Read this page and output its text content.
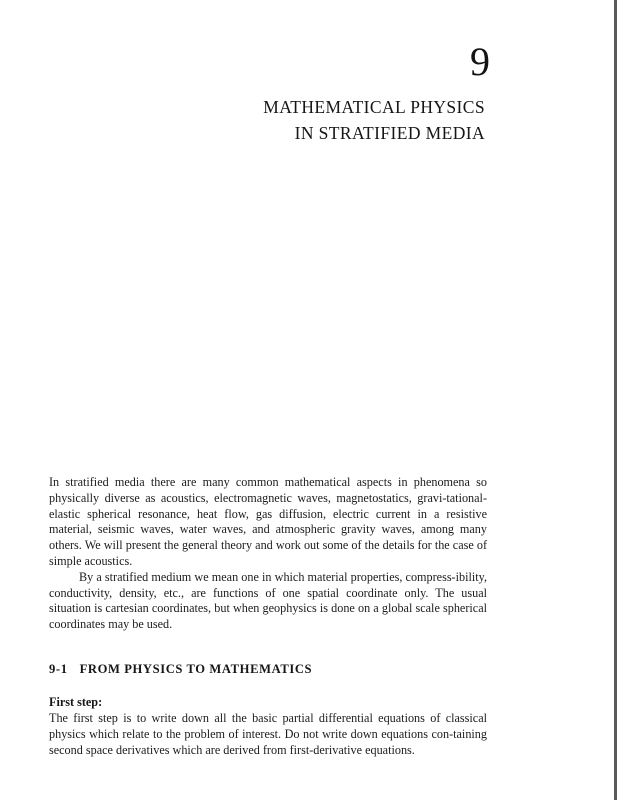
9
MATHEMATICAL PHYSICS
IN STRATIFIED MEDIA

In stratified media there are many common mathematical aspects in phenomena so physically diverse as acoustics, electromagnetic waves, magnetostatics, gravi-tational-elastic spherical resonance, heat flow, gas diffusion, electric current in a resistive material, seismic waves, water waves, and atmospheric gravity waves, among many others. We will present the general theory and work out some of the details for the case of simple acoustics.

By a stratified medium we mean one in which material properties, compress-ibility, conductivity, density, etc., are functions of one spatial coordinate only. The usual situation is cartesian coordinates, but when geophysics is done on a global scale spherical coordinates may be used.

9-1 FROM PHYSICS TO MATHEMATICS
First step:

The first step is to write down all the basic partial differential equations of classical physics which relate to the problem of interest. Do not write down equations con-taining second space derivatives which are derived from first-derivative equations.
